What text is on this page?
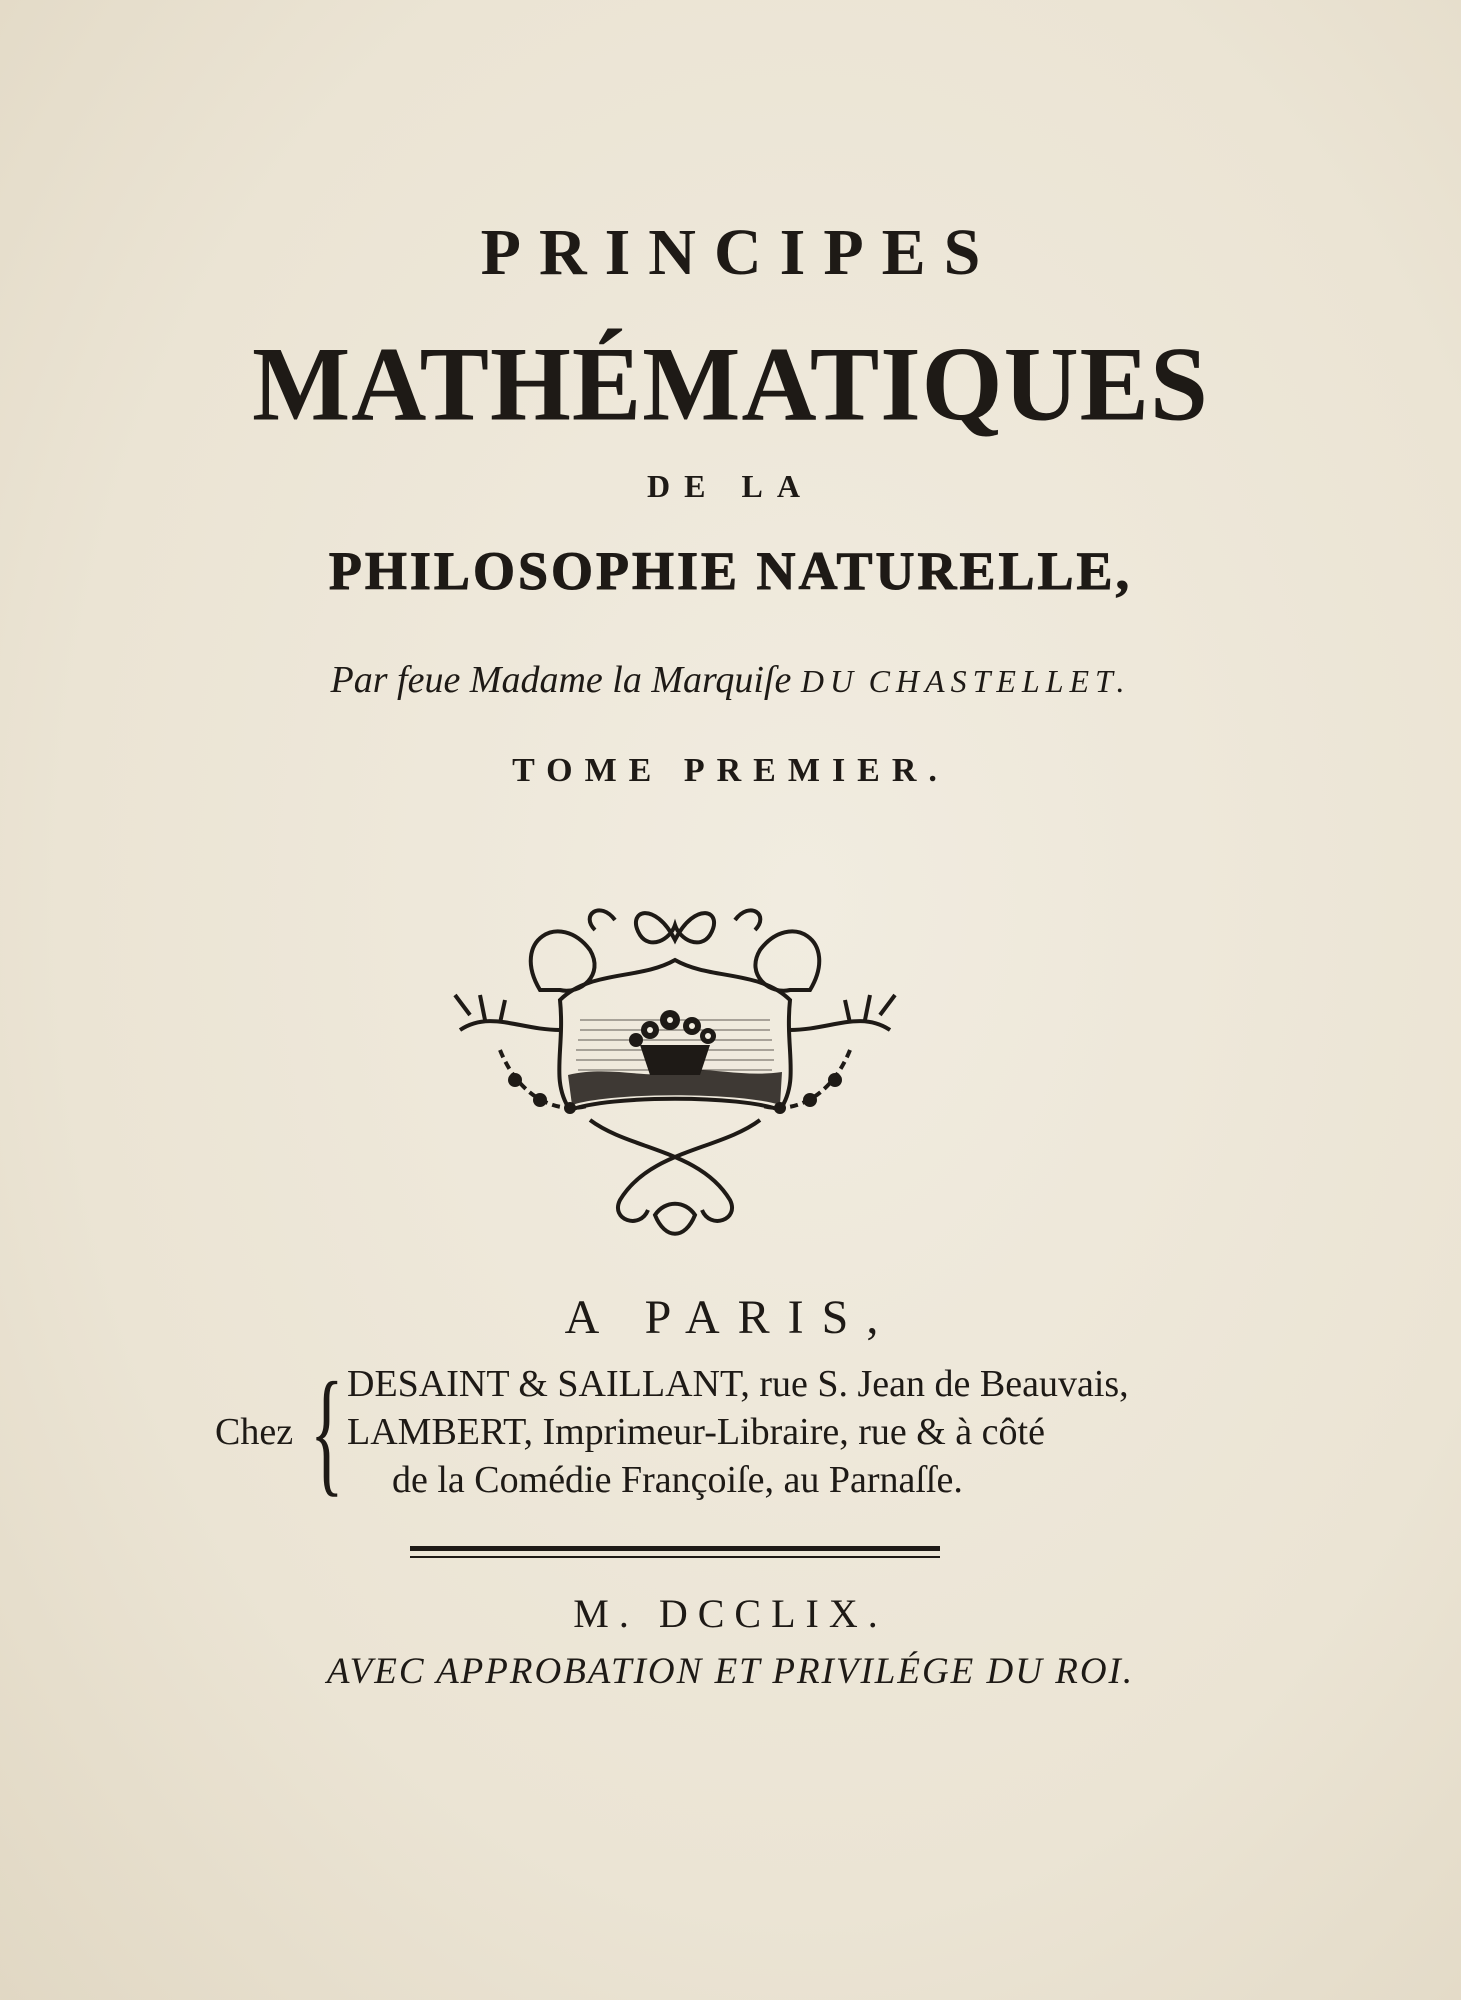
PRINCIPES
MATHÉMATIQUES
DE LA
PHILOSOPHIE NATURELLE,
Par feue Madame la Marquiſe DU CHASTELLET.
TOME PREMIER.
A PARIS,
Chez { DESAINT & SAILLANT, rue S. Jean de Beauvais,
LAMBERT, Imprimeur-Libraire, rue & à côté
de la Comédie Françoiſe, au Parnaſſe.
M. DCCLIX.
AVEC APPROBATION ET PRIVILÉGE DU ROI.
